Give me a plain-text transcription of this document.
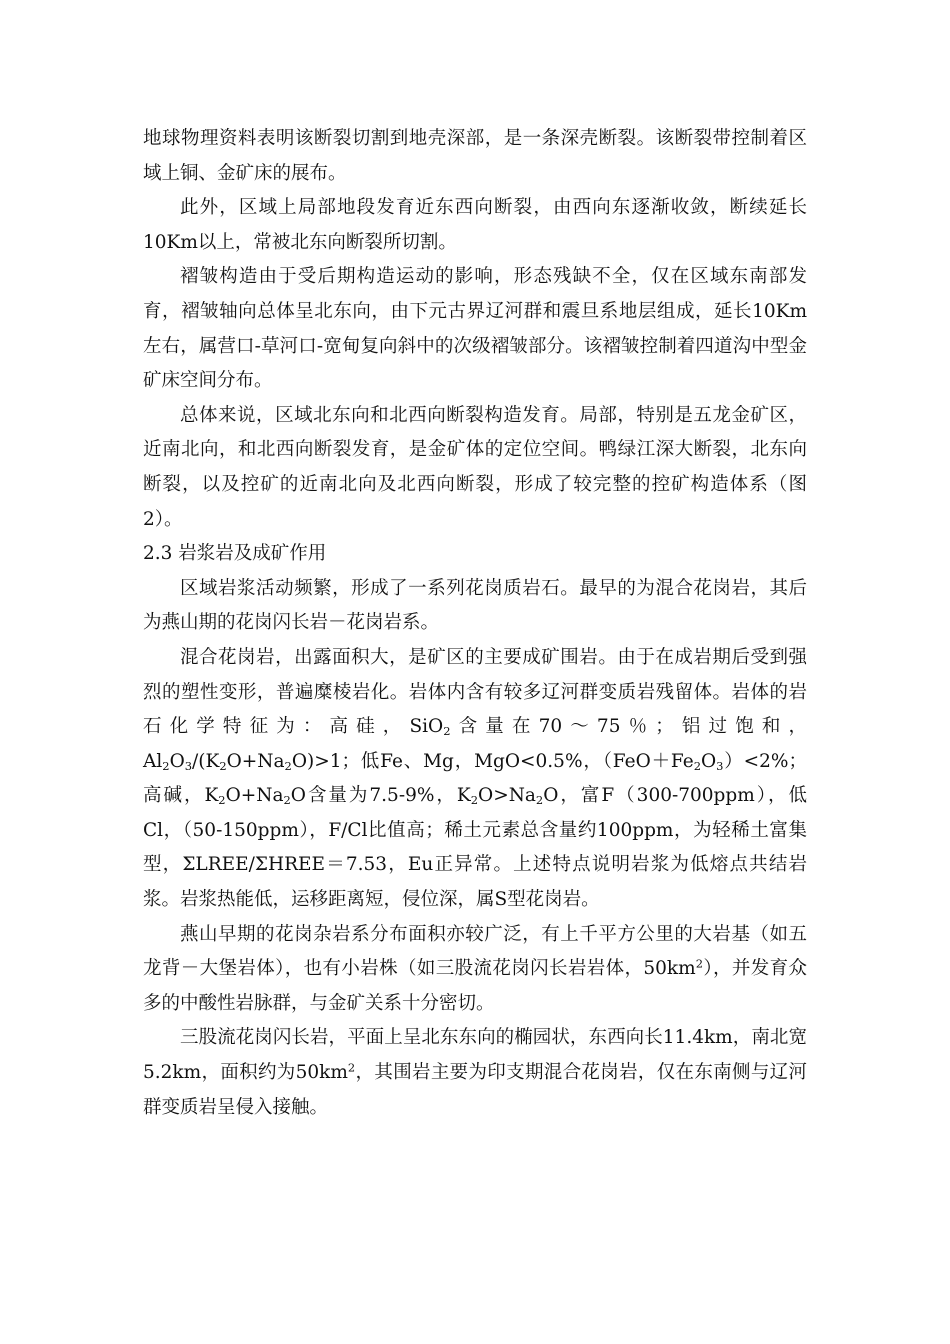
地球物理资料表明该断裂切割到地壳深部，是一条深壳断裂。该断裂带控制着区域上铜、金矿床的展布。

此外，区域上局部地段发育近东西向断裂，由西向东逐渐收敛，断续延长10Km以上，常被北东向断裂所切割。

褶皱构造由于受后期构造运动的影响，形态残缺不全，仅在区域东南部发育，褶皱轴向总体呈北东向，由下元古界辽河群和震旦系地层组成，延长10Km左右，属营口-草河口-宽甸复向斜中的次级褶皱部分。该褶皱控制着四道沟中型金矿床空间分布。

总体来说，区域北东向和北西向断裂构造发育。局部，特别是五龙金矿区，近南北向，和北西向断裂发育，是金矿体的定位空间。鸭绿江深大断裂，北东向断裂，以及控矿的近南北向及北西向断裂，形成了较完整的控矿构造体系（图2）。

2.3 岩浆岩及成矿作用

区域岩浆活动频繁，形成了一系列花岗质岩石。最早的为混合花岗岩，其后为燕山期的花岗闪长岩－花岗岩系。

混合花岗岩，出露面积大，是矿区的主要成矿围岩。由于在成岩期后受到强烈的塑性变形，普遍糜棱岩化。岩体内含有较多辽河群变质岩残留体。岩体的岩石化学特征为：高硅，SiO$_2$含量在70～75％；铝过饱和，$Al_2O_3/(K_2O+Na_2O)>1$；低Fe、Mg，MgO<0.5%，$(FeO+Fe_2O_3)<2\%$；高碱，$K_2O+Na_2O$含量为7.5-9%，$K_2O>Na_2O$，富F（300-700ppm），低Cl，（50-150ppm），F/Cl比值高；稀土元素总含量约100ppm，为轻稀土富集型，ΣLREE/ΣHREE＝7.53，Eu正异常。上述特点说明岩浆为低熔点共结岩浆。岩浆热能低，运移距离短，侵位深，属S型花岗岩。

燕山早期的花岗杂岩系分布面积亦较广泛，有上千平方公里的大岩基（如五龙背－大堡岩体），也有小岩株（如三股流花岗闪长岩岩体，$50km^2$），并发育众多的中酸性岩脉群，与金矿关系十分密切。

三股流花岗闪长岩，平面上呈北东东向的椭园状，东西向长11.4km，南北宽5.2km，面积约为$50km^2$，其围岩主要为印支期混合花岗岩，仅在东南侧与辽河群变质岩呈侵入接触。
